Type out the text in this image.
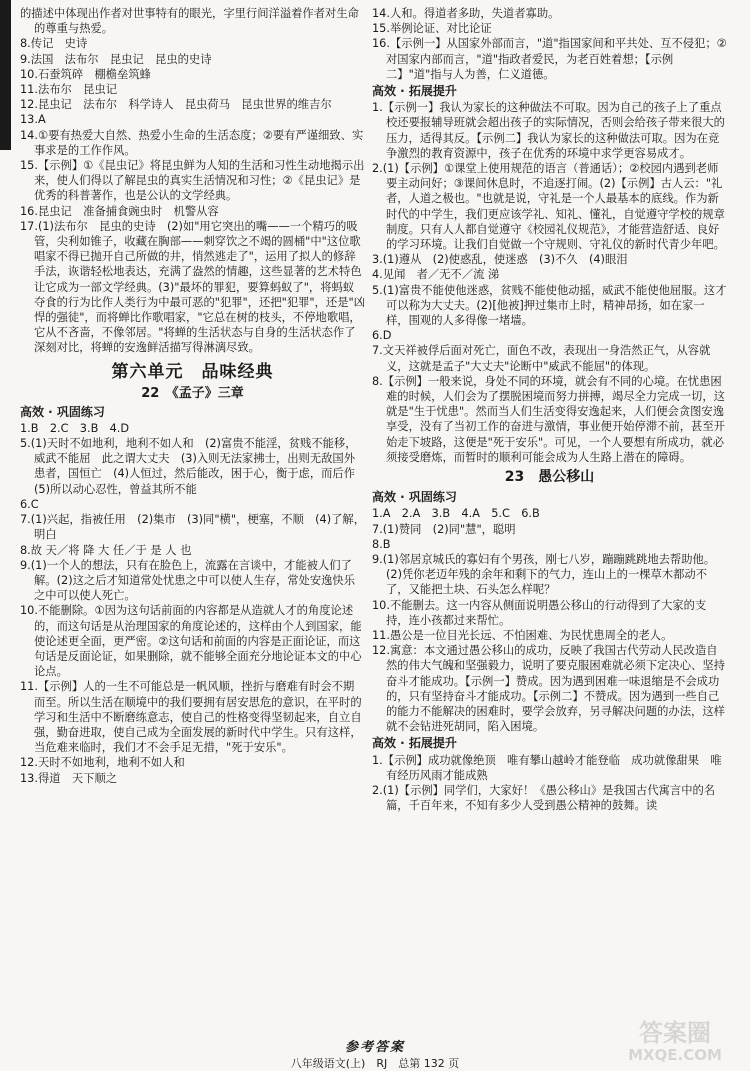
的描述中体现出作者对世事特有的眼光，字里行间洋溢着作者对生命的尊重与热爱。

8.传记　史诗

9.法国　法布尔　昆虫记　昆虫的史诗

10.石蚕筑碎　棚檐垒筑蜂

11.法布尔　昆虫记

12.昆虫记　法布尔　科学诗人　昆虫荷马　昆虫世界的维吉尔

13.A

14.①要有热爱大自然、热爱小生命的生活态度；②要有严谨细致、实事求是的工作作风。

15.【示例】①《昆虫记》将昆虫鲜为人知的生活和习性生动地揭示出来，使人们得以了解昆虫的真实生活情况和习性；②《昆虫记》是优秀的科普著作，也是公认的文学经典。

16.昆虫记　准备捕食豌虫时　机警从容

17.(1)法布尔　昆虫的史诗　(2)如"用它突出的嘴——一个精巧的吸管，尖利如锥子，收藏在胸部——刺穿饮之不竭的圆桶"中"这位歌唱家不得已抛开自己所做的井，悄然逃走了"，运用了拟人的修辞手法，诙谐轻松地表达，充满了盎然的情趣，这些显著的艺术特色让它成为一部文学经典。(3)"最坏的罪犯，要算蚂蚁了"，将蚂蚁夺食的行为比作人类行为中最可恶的"犯罪"，还把"犯罪"，还是"凶悍的强徒"，而将蝉比作歌唱家，"它总在树的枝头，不停地歌唱，它从不吝啬，不像邻居。"将蝉的生活状态与自身的生活状态作了深刻对比，将蝉的安逸鲜活描写得淋漓尽致。

第六单元　品味经典

22　《孟子》三章

高效 · 巩固练习

1.B　2.C　3.B　4.D

5.(1)天时不如地利，地利不如人和　(2)富贵不能淫，贫贱不能移，威武不能屈　此之谓大丈夫　(3)入则无法家拂士，出则无敌国外患者，国恒亡　(4)人恒过，然后能改，困于心，衡于虑，而后作　(5)所以动心忍性，曾益其所不能

6.C

7.(1)兴起，指被任用　(2)集市　(3)同"横"，梗塞，不顺　(4)了解，明白

8.故 天／将 降 大 任／于 是 人 也

9.(1)一个人的想法，只有在脸色上，流露在言谈中，才能被人们了解。(2)这之后才知道常处忧患之中可以使人生存，常处安逸快乐之中可以使人死亡。

10.不能删除。①因为这句话前面的内容都是从造就人才的角度论述的，而这句话是从治理国家的角度论述的，这样由个人到国家，能使论述更全面，更严密。②这句话和前面的内容是正面论证，而这句话是反面论证，如果删除，就不能够全面充分地论证本文的中心论点。

11.【示例】人的一生不可能总是一帆风顺，挫折与磨难有时会不期而至。所以生活在顺境中的我们要拥有居安思危的意识，在平时的学习和生活中不断磨练意志，使自己的性格变得坚韧起来，自立自强，勤奋进取，使自己成为全面发展的新时代中学生。只有这样，当危难来临时，我们才不会手足无措，"死于安乐"。

12.天时不如地利，地利不如人和

13.得道　天下顺之

14.人和。得道者多助，失道者寡助。

15.举例论证、对比论证

16.【示例一】从国家外部而言，"道"指国家间和平共处、互不侵犯；②对国家内部而言，"道"指政者爱民，为老百姓着想；【示例二】"道"指与人为善，仁义道德。

高效 · 拓展提升

1.【示例一】我认为家长的这种做法不可取。因为自己的孩子上了重点校还要报辅导班就会超出孩子的实际情况，否则会给孩子带来很大的压力，适得其反。【示例二】我认为家长的这种做法可取。因为在竞争激烈的教育资源中，孩子在优秀的环境中求学更容易成才。

2.(1)【示例】①课堂上使用规范的语言（普通话）；②校园内遇到老师要主动问好；③课间休息时，不追逐打闹。(2)【示例】古人云："礼者，人道之极也。"也就是说，守礼是一个人最基本的底线。作为新时代的中学生，我们更应该学礼、知礼、懂礼，自觉遵守学校的规章制度。只有人人都自觉遵守《校园礼仪规范》，才能营造舒适、良好的学习环境。让我们自觉做一个守规则、守礼仪的新时代青少年吧。

3.(1)遵从　(2)使惑乱，使迷惑　(3)不久　(4)眼泪

4.见闻　者／无不／流 涕

5.(1)富贵不能使他迷惑，贫贱不能使他动摇，威武不能使他屈服。这才可以称为大丈夫。(2)[他被]押过集市上时，精神昂扬，如在家一样，围观的人多得像一堵墙。

6.D

7.文天祥被俘后面对死亡，面色不改，表现出一身浩然正气，从容就义，这就是孟子"大丈夫"论断中"威武不能屈"的体现。

8.【示例】一般来说，身处不同的环境，就会有不同的心境。在忧患困难的时候，人们会为了摆脱困境而努力拼搏，竭尽全力完成一切，这就是"生于忧患"。然而当人们生活变得安逸起来，人们便会贪图安逸享受，没有了当初工作的奋进与激情，事业便开始停滞不前，甚至开始走下坡路，这便是"死于安乐"。可见，一个人要想有所成功，就必须接受磨炼，而暂时的顺利可能会成为人生路上潜在的障碍。

23　愚公移山

高效 · 巩固练习

1.A　2.A　3.B　4.A　5.C　6.B

7.(1)赞同　(2)同"慧"，聪明

8.B

9.(1)邻居京城氏的寡妇有个男孩，刚七八岁，蹦蹦跳跳地去帮助他。(2)凭你老迈年残的余年和剩下的气力，连山上的一棵草木都动不了，又能把土块、石头怎么样呢？

10.不能删去。这一内容从侧面说明愚公移山的行动得到了大家的支持，连小孩都过来帮忙。

11.愚公是一位目光长远、不怕困难、为民忧患周全的老人。

12.寓意：本文通过愚公移山的成功，反映了我国古代劳动人民改造自然的伟大气魄和坚强毅力，说明了要克服困难就必须下定决心、坚持奋斗才能成功。【示例一】赞成。因为遇到困难一味退缩是不会成功的，只有坚持奋斗才能成功。【示例二】不赞成。因为遇到一些自己的能力不能解决的困难时，要学会放弃，另寻解决问题的办法，这样就不会钻进死胡同，陷入困境。

高效 · 拓展提升

1.【示例】成功就像绝顶　唯有攀山越岭才能登临　成功就像甜果　唯有经历风雨才能成熟

2.(1)【示例】同学们，大家好！《愚公移山》是我国古代寓言中的名篇，千百年来，不知有多少人受到愚公精神的鼓舞。读

参考答案
八年级语文(上)　RJ　总第 132 页
答案圈
MXQE.COM
